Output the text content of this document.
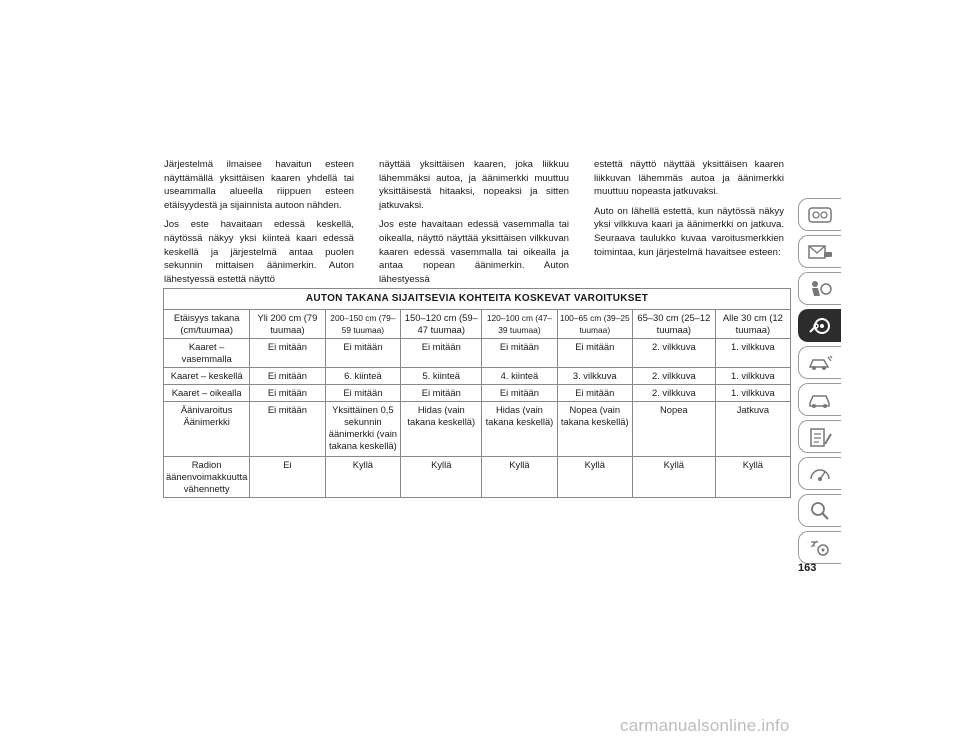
Järjestelmä ilmaisee havaitun esteen näyttämällä yksittäisen kaaren yhdellä tai useammalla alueella riippuen esteen etäisyydestä ja sijainnista autoon nähden.

Jos este havaitaan edessä keskellä, näytössä näkyy yksi kiinteä kaari edessä keskellä ja järjestelmä antaa puolen sekunnin mittaisen äänimerkin. Auton lähestyessä estettä näyttö

näyttää yksittäisen kaaren, joka liikkuu lähemmäksi autoa, ja äänimerkki muuttuu yksittäisestä hitaaksi, nopeaksi ja sitten jatkuvaksi.

Jos este havaitaan edessä vasemmalla tai oikealla, näyttö näyttää yksittäisen vilkkuvan kaaren edessä vasemmalla tai oikealla ja antaa nopean äänimerkin. Auton lähestyessä

estettä näyttö näyttää yksittäisen kaaren liikkuvan lähemmäs autoa ja äänimerkki muuttuu nopeasta jatkuvaksi.

Auto on lähellä estettä, kun näytössä näkyy yksi vilkkuva kaari ja äänimerkki on jatkuva. Seuraava taulukko kuvaa varoitusmerkkien toimintaa, kun järjestelmä havaitsee esteen:

AUTON TAKANA SIJAITSEVIA KOHTEITA KOSKEVAT VAROITUKSET							
Etäisyys takana (cm/tuumaa)	Yli 200 cm (79 tuumaa)	200–150 cm (79–59 tuumaa)	150–120 cm (59–47 tuumaa)	120–100 cm (47–39 tuumaa)	100–65 cm (39–25 tuumaa)	65–30 cm (25–12 tuumaa)	Alle 30 cm (12 tuumaa)
Kaaret – vasemmalla	Ei mitään	Ei mitään	Ei mitään	Ei mitään	Ei mitään	2. vilkkuva	1. vilkkuva
Kaaret – keskellä	Ei mitään	6. kiinteä	5. kiinteä	4. kiinteä	3. vilkkuva	2. vilkkuva	1. vilkkuva
Kaaret – oikealla	Ei mitään	Ei mitään	Ei mitään	Ei mitään	Ei mitään	2. vilkkuva	1. vilkkuva
Äänivaroitus Äänimerkki	Ei mitään	Yksittäinen 0,5 sekunnin äänimerkki (vain takana keskellä)	Hidas (vain takana keskellä)	Hidas (vain takana keskellä)	Nopea (vain takana keskellä)	Nopea	Jatkuva
Radion äänenvoimakkuutta vähennetty	Ei	Kyllä	Kyllä	Kyllä	Kyllä	Kyllä	Kyllä
163
carmanualsonline.info
